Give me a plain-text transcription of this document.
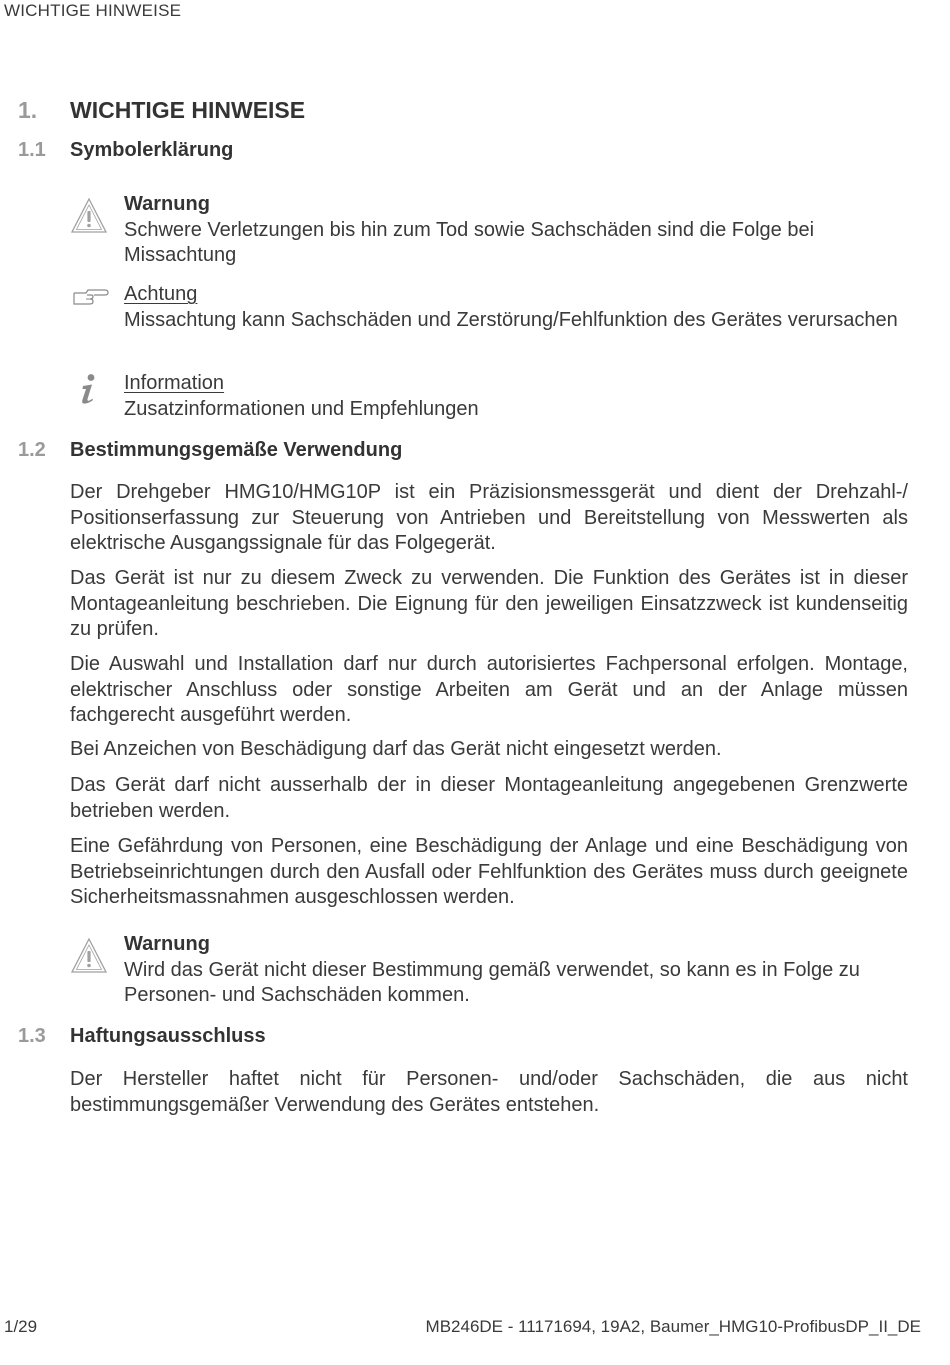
WICHTIGE HINWEISE
1. WICHTIGE HINWEISE
1.1 Symbolerklärung
Warnung
Schwere Verletzungen bis hin zum Tod sowie Sachschäden sind die Folge bei Missachtung
Achtung
Missachtung kann Sachschäden und Zerstörung/Fehlfunktion des Gerätes verursachen
Information
Zusatzinformationen und Empfehlungen
1.2 Bestimmungsgemäße Verwendung

Der Drehgeber HMG10/HMG10P ist ein Präzisionsmessgerät und dient der Drehzahl-/ Positionserfassung zur Steuerung von Antrieben und Bereitstellung von Messwerten als elektrische Ausgangssignale für das Folgegerät.

Das Gerät ist nur zu diesem Zweck zu verwenden. Die Funktion des Gerätes ist in dieser Montageanleitung beschrieben. Die Eignung für den jeweiligen Einsatzzweck ist kundenseitig zu prüfen.

Die Auswahl und Installation darf nur durch autorisiertes Fachpersonal erfolgen. Montage, elektrischer Anschluss oder sonstige Arbeiten am Gerät und an der Anlage müssen fachgerecht ausgeführt werden.

Bei Anzeichen von Beschädigung darf das Gerät nicht eingesetzt werden.

Das Gerät darf nicht ausserhalb der in dieser Montageanleitung angegebenen Grenzwerte betrieben werden.

Eine Gefährdung von Personen, eine Beschädigung der Anlage und eine Beschädigung von Betriebseinrichtungen durch den Ausfall oder Fehlfunktion des Gerätes muss durch geeignete Sicherheitsmassnahmen ausgeschlossen werden.

Warnung
Wird das Gerät nicht dieser Bestimmung gemäß verwendet, so kann es in Folge zu Personen- und Sachschäden kommen.
1.3 Haftungsausschluss

Der Hersteller haftet nicht für Personen- und/oder Sachschäden, die aus nicht bestimmungsgemäßer Verwendung des Gerätes entstehen.

1/29	MB246DE - 11171694, 19A2, Baumer_HMG10-ProfibusDP_II_DE
